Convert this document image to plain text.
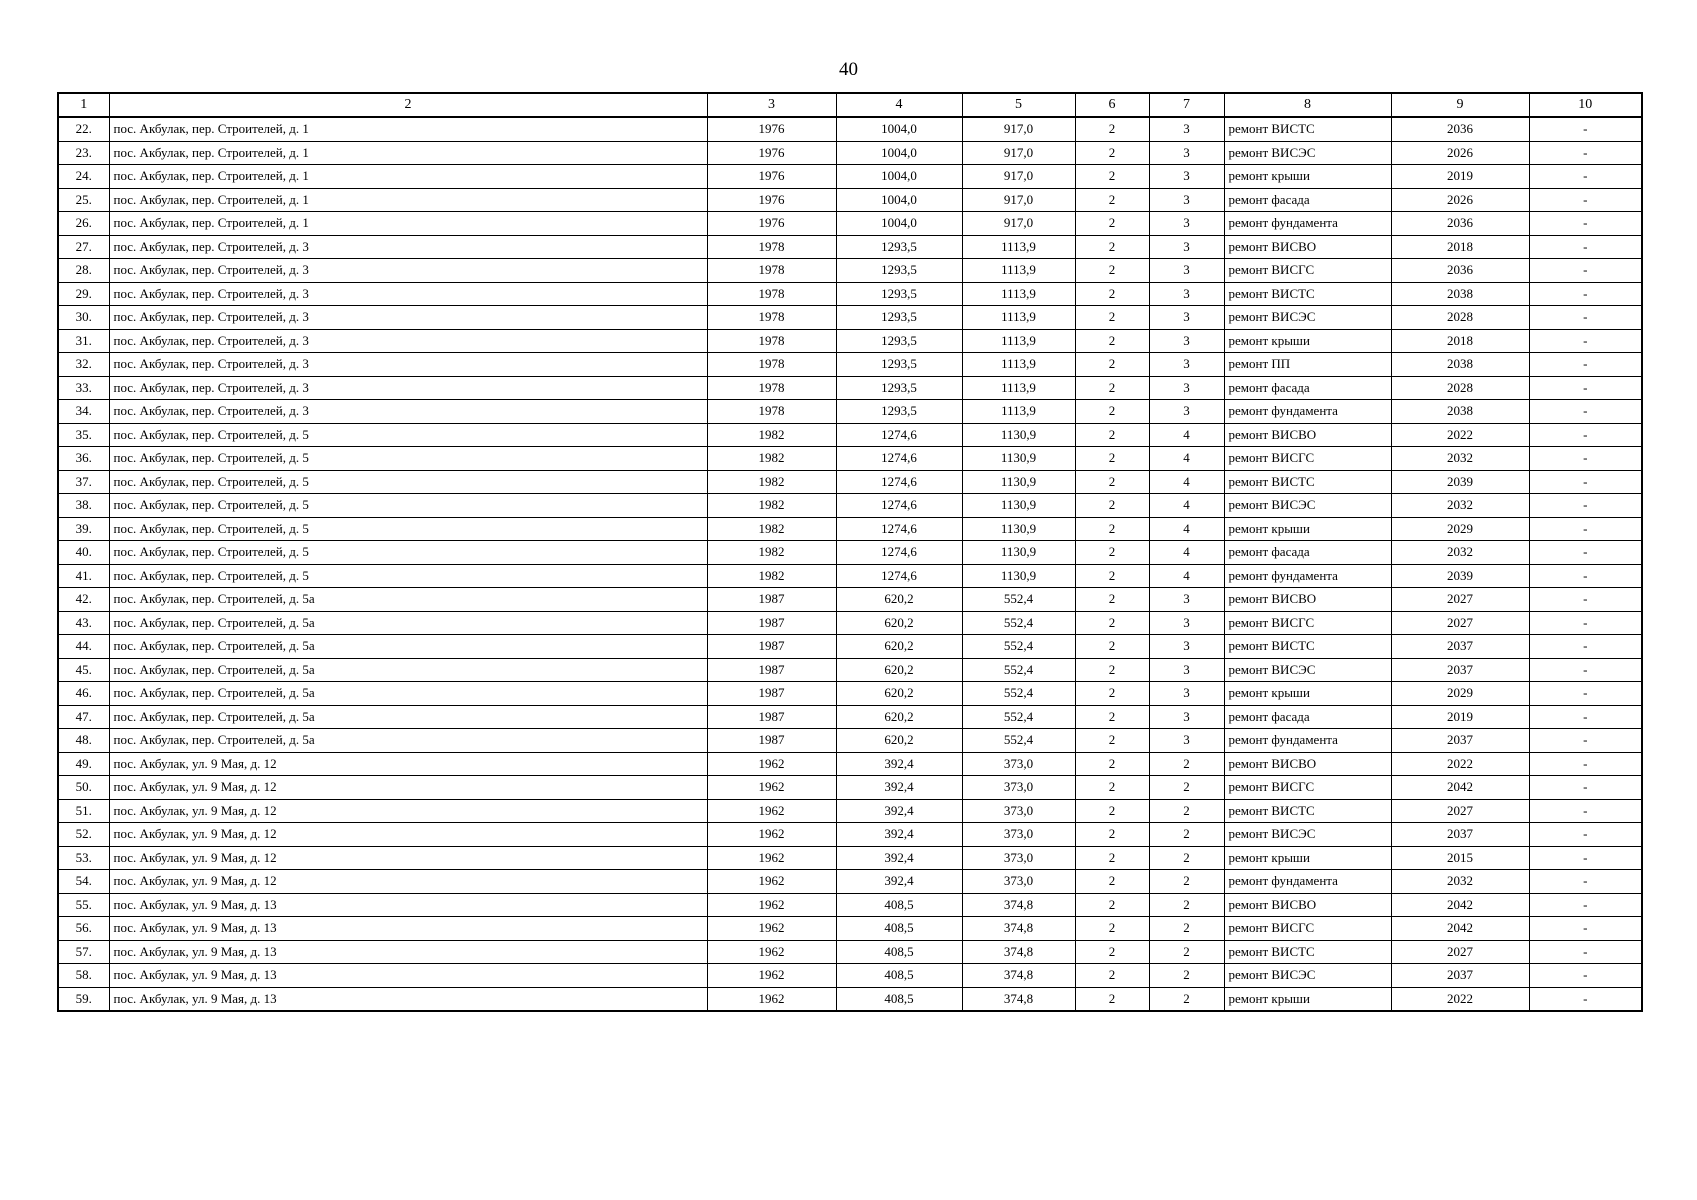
40
1	2	3	4	5	6	7	8	9	10
22.	пос. Акбулак, пер. Строителей, д. 1	1976	1004,0	917,0	2	3	ремонт ВИСТС	2036	-
23.	пос. Акбулак, пер. Строителей, д. 1	1976	1004,0	917,0	2	3	ремонт ВИСЭС	2026	-
24.	пос. Акбулак, пер. Строителей, д. 1	1976	1004,0	917,0	2	3	ремонт крыши	2019	-
25.	пос. Акбулак, пер. Строителей, д. 1	1976	1004,0	917,0	2	3	ремонт фасада	2026	-
26.	пос. Акбулак, пер. Строителей, д. 1	1976	1004,0	917,0	2	3	ремонт фундамента	2036	-
27.	пос. Акбулак, пер. Строителей, д. 3	1978	1293,5	1113,9	2	3	ремонт ВИСВО	2018	-
28.	пос. Акбулак, пер. Строителей, д. 3	1978	1293,5	1113,9	2	3	ремонт ВИСГС	2036	-
29.	пос. Акбулак, пер. Строителей, д. 3	1978	1293,5	1113,9	2	3	ремонт ВИСТС	2038	-
30.	пос. Акбулак, пер. Строителей, д. 3	1978	1293,5	1113,9	2	3	ремонт ВИСЭС	2028	-
31.	пос. Акбулак, пер. Строителей, д. 3	1978	1293,5	1113,9	2	3	ремонт крыши	2018	-
32.	пос. Акбулак, пер. Строителей, д. 3	1978	1293,5	1113,9	2	3	ремонт ПП	2038	-
33.	пос. Акбулак, пер. Строителей, д. 3	1978	1293,5	1113,9	2	3	ремонт фасада	2028	-
34.	пос. Акбулак, пер. Строителей, д. 3	1978	1293,5	1113,9	2	3	ремонт фундамента	2038	-
35.	пос. Акбулак, пер. Строителей, д. 5	1982	1274,6	1130,9	2	4	ремонт ВИСВО	2022	-
36.	пос. Акбулак, пер. Строителей, д. 5	1982	1274,6	1130,9	2	4	ремонт ВИСГС	2032	-
37.	пос. Акбулак, пер. Строителей, д. 5	1982	1274,6	1130,9	2	4	ремонт ВИСТС	2039	-
38.	пос. Акбулак, пер. Строителей, д. 5	1982	1274,6	1130,9	2	4	ремонт ВИСЭС	2032	-
39.	пос. Акбулак, пер. Строителей, д. 5	1982	1274,6	1130,9	2	4	ремонт крыши	2029	-
40.	пос. Акбулак, пер. Строителей, д. 5	1982	1274,6	1130,9	2	4	ремонт фасада	2032	-
41.	пос. Акбулак, пер. Строителей, д. 5	1982	1274,6	1130,9	2	4	ремонт фундамента	2039	-
42.	пос. Акбулак, пер. Строителей, д. 5а	1987	620,2	552,4	2	3	ремонт ВИСВО	2027	-
43.	пос. Акбулак, пер. Строителей, д. 5а	1987	620,2	552,4	2	3	ремонт ВИСГС	2027	-
44.	пос. Акбулак, пер. Строителей, д. 5а	1987	620,2	552,4	2	3	ремонт ВИСТС	2037	-
45.	пос. Акбулак, пер. Строителей, д. 5а	1987	620,2	552,4	2	3	ремонт ВИСЭС	2037	-
46.	пос. Акбулак, пер. Строителей, д. 5а	1987	620,2	552,4	2	3	ремонт крыши	2029	-
47.	пос. Акбулак, пер. Строителей, д. 5а	1987	620,2	552,4	2	3	ремонт фасада	2019	-
48.	пос. Акбулак, пер. Строителей, д. 5а	1987	620,2	552,4	2	3	ремонт фундамента	2037	-
49.	пос. Акбулак, ул. 9 Мая, д. 12	1962	392,4	373,0	2	2	ремонт ВИСВО	2022	-
50.	пос. Акбулак, ул. 9 Мая, д. 12	1962	392,4	373,0	2	2	ремонт ВИСГС	2042	-
51.	пос. Акбулак, ул. 9 Мая, д. 12	1962	392,4	373,0	2	2	ремонт ВИСТС	2027	-
52.	пос. Акбулак, ул. 9 Мая, д. 12	1962	392,4	373,0	2	2	ремонт ВИСЭС	2037	-
53.	пос. Акбулак, ул. 9 Мая, д. 12	1962	392,4	373,0	2	2	ремонт крыши	2015	-
54.	пос. Акбулак, ул. 9 Мая, д. 12	1962	392,4	373,0	2	2	ремонт фундамента	2032	-
55.	пос. Акбулак, ул. 9 Мая, д. 13	1962	408,5	374,8	2	2	ремонт ВИСВО	2042	-
56.	пос. Акбулак, ул. 9 Мая, д. 13	1962	408,5	374,8	2	2	ремонт ВИСГС	2042	-
57.	пос. Акбулак, ул. 9 Мая, д. 13	1962	408,5	374,8	2	2	ремонт ВИСТС	2027	-
58.	пос. Акбулак, ул. 9 Мая, д. 13	1962	408,5	374,8	2	2	ремонт ВИСЭС	2037	-
59.	пос. Акбулак, ул. 9 Мая, д. 13	1962	408,5	374,8	2	2	ремонт крыши	2022	-
